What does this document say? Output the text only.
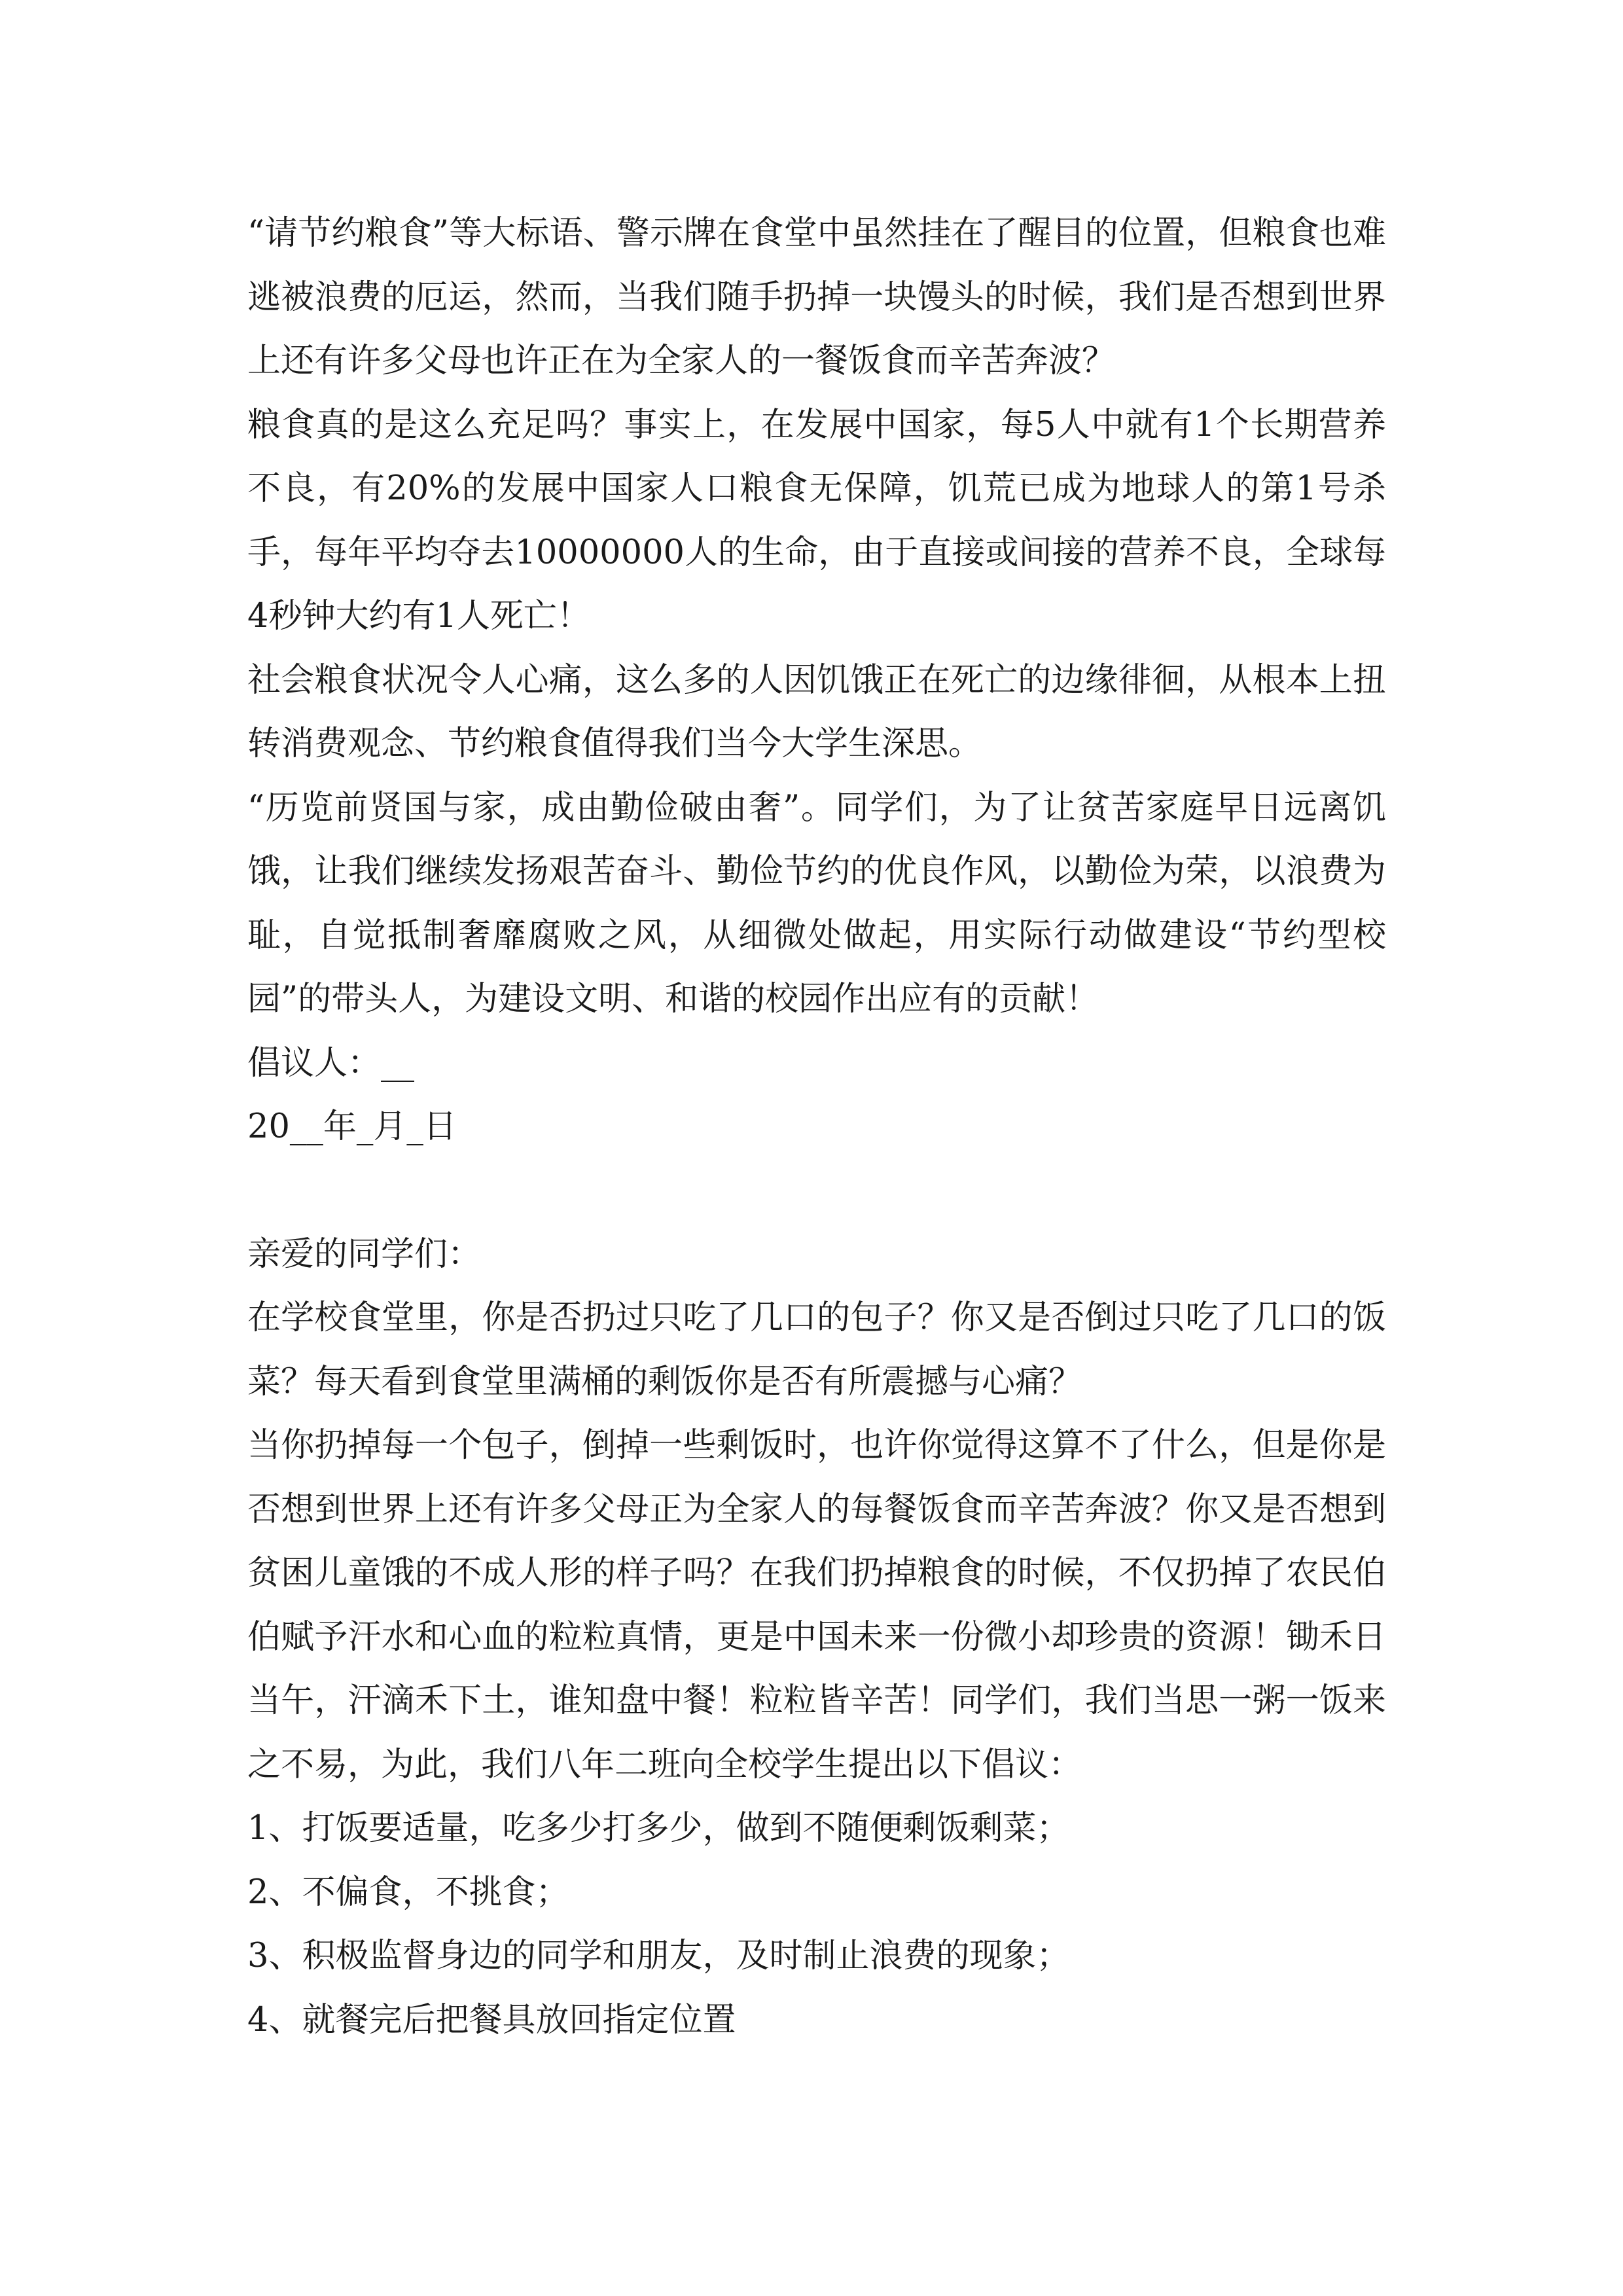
“请节约粮食”等大标语、警示牌在食堂中虽然挂在了醒目的位置，但粮食也难逃被浪费的厄运，然而，当我们随手扔掉一块馒头的时候，我们是否想到世界上还有许多父母也许正在为全家人的一餐饭食而辛苦奔波？

粮食真的是这么充足吗？事实上，在发展中国家，每5人中就有1个长期营养不良，有20%的发展中国家人口粮食无保障，饥荒已成为地球人的第1号杀手，每年平均夺去10000000人的生命，由于直接或间接的营养不良，全球每4秒钟大约有1人死亡！

社会粮食状况令人心痛，这么多的人因饥饿正在死亡的边缘徘徊，从根本上扭转消费观念、节约粮食值得我们当今大学生深思。

“历览前贤国与家，成由勤俭破由奢”。同学们，为了让贫苦家庭早日远离饥饿，让我们继续发扬艰苦奋斗、勤俭节约的优良作风，以勤俭为荣，以浪费为耻，自觉抵制奢靡腐败之风，从细微处做起，用实际行动做建设“节约型校园”的带头人，为建设文明、和谐的校园作出应有的贡献！

倡议人：__

20__年_月_日

亲爱的同学们：

在学校食堂里，你是否扔过只吃了几口的包子？你又是否倒过只吃了几口的饭菜？每天看到食堂里满桶的剩饭你是否有所震撼与心痛？

当你扔掉每一个包子，倒掉一些剩饭时，也许你觉得这算不了什么，但是你是否想到世界上还有许多父母正为全家人的每餐饭食而辛苦奔波？你又是否想到贫困儿童饿的不成人形的样子吗？在我们扔掉粮食的时候，不仅扔掉了农民伯伯赋予汗水和心血的粒粒真情，更是中国未来一份微小却珍贵的资源！锄禾日当午，汗滴禾下土，谁知盘中餐！粒粒皆辛苦！同学们，我们当思一粥一饭来之不易，为此，我们八年二班向全校学生提出以下倡议：

1、打饭要适量，吃多少打多少，做到不随便剩饭剩菜；

2、不偏食，不挑食；

3、积极监督身边的同学和朋友，及时制止浪费的现象；

4、就餐完后把餐具放回指定位置
